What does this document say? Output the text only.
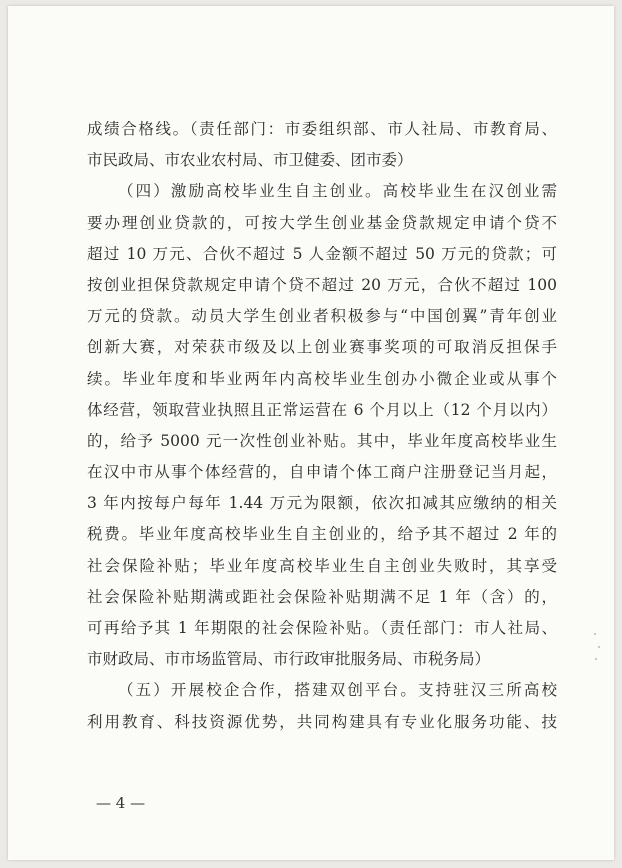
成绩合格线。（责任部门：市委组织部、市人社局、市教育局、
市民政局、市农业农村局、市卫健委、团市委）
（四）激励高校毕业生自主创业。高校毕业生在汉创业需
要办理创业贷款的，可按大学生创业基金贷款规定申请个贷不
超过 10 万元、合伙不超过 5 人金额不超过 50 万元的贷款；可
按创业担保贷款规定申请个贷不超过 20 万元，合伙不超过 100
万元的贷款。动员大学生创业者积极参与“中国创翼”青年创业
创新大赛，对荣获市级及以上创业赛事奖项的可取消反担保手
续。毕业年度和毕业两年内高校毕业生创办小微企业或从事个
体经营，领取营业执照且正常运营在 6 个月以上（12 个月以内）
的，给予 5000 元一次性创业补贴。其中，毕业年度高校毕业生
在汉中市从事个体经营的，自申请个体工商户注册登记当月起，
3 年内按每户每年 1.44 万元为限额，依次扣减其应缴纳的相关
税费。毕业年度高校毕业生自主创业的，给予其不超过 2 年的
社会保险补贴；毕业年度高校毕业生自主创业失败时，其享受
社会保险补贴期满或距社会保险补贴期满不足 1 年（含）的，
可再给予其 1 年期限的社会保险补贴。（责任部门：市人社局、
市财政局、市市场监管局、市行政审批服务局、市税务局）
（五）开展校企合作，搭建双创平台。支持驻汉三所高校
利用教育、科技资源优势，共同构建具有专业化服务功能、技
— 4 —
